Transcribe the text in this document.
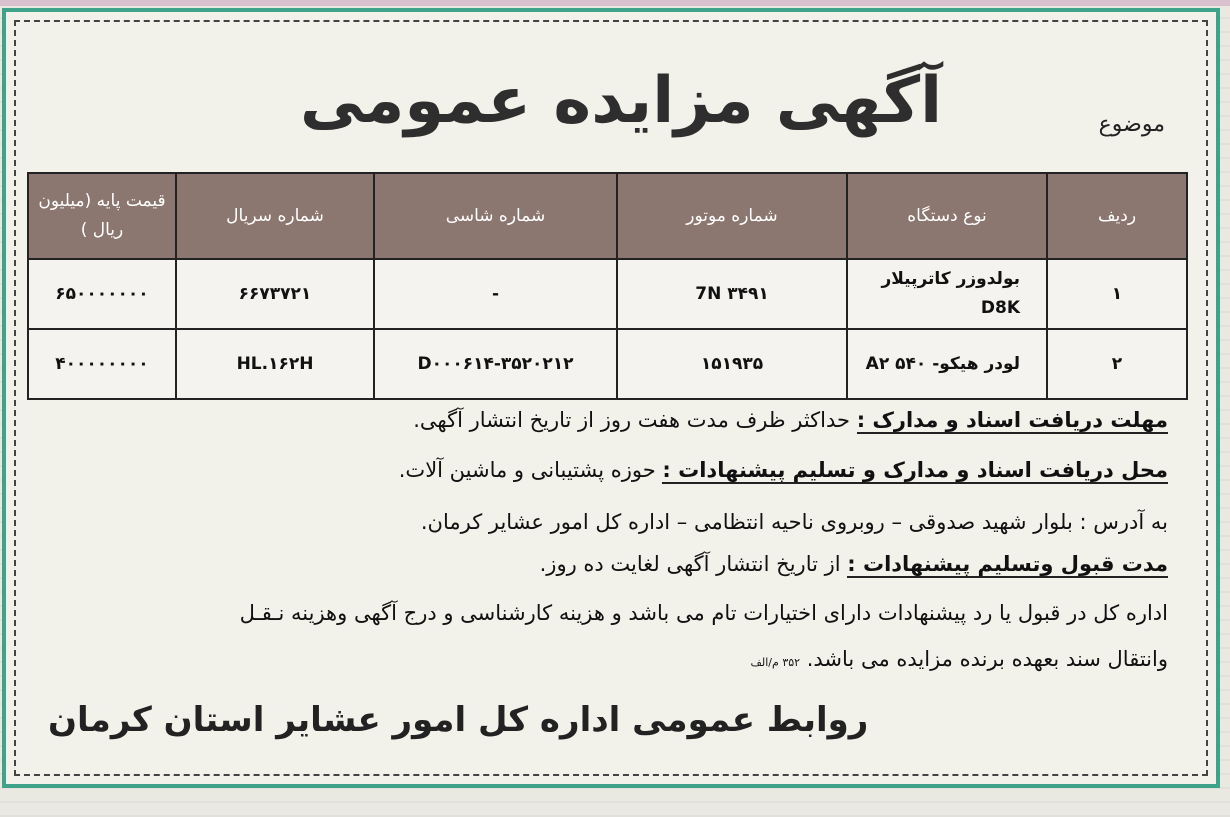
آگهی مزایده عمومی	موضوع
ردیف	نوع دستگاه	شماره موتور	شماره شاسی	شماره سریال	قیمت پایه (میلیون ریال )
۱	بولدوزر کاترپیلار D8K	7N ۳۴۹۱	-	۶۶۷۳۷۲۱	۶۵۰۰۰۰۰۰۰
۲	لودر هیکو- ۵۴۰ A۲	۱۵۱۹۳۵	D۰۰۰۶۱۴-۳۵۲۰۲۱۲	HL.۱۶۲H	۴۰۰۰۰۰۰۰۰
مهلت دریافت اسناد و مدارک : حداکثر ظرف مدت هفت روز از تاریخ انتشار آگهی.
محل دریافت اسناد و مدارک و تسلیم پیشنهادات : حوزه پشتیبانی و ماشین آلات.
به آدرس : بلوار شهید صدوقی – روبروی ناحیه انتظامی – اداره کل امور عشایر کرمان.
مدت قبول وتسلیم پیشنهادات : از تاریخ انتشار آگهی لغایت ده روز.
اداره کل در قبول یا رد پیشنهادات دارای اختیارات تام می باشد و هزینه کارشناسی و درج آگهی وهزینه نـقـل
وانتقال سند بعهده برنده مزایده می باشد. ۳۵۲ م/الف
روابط عمومی اداره کل امور عشایر استان کرمان
